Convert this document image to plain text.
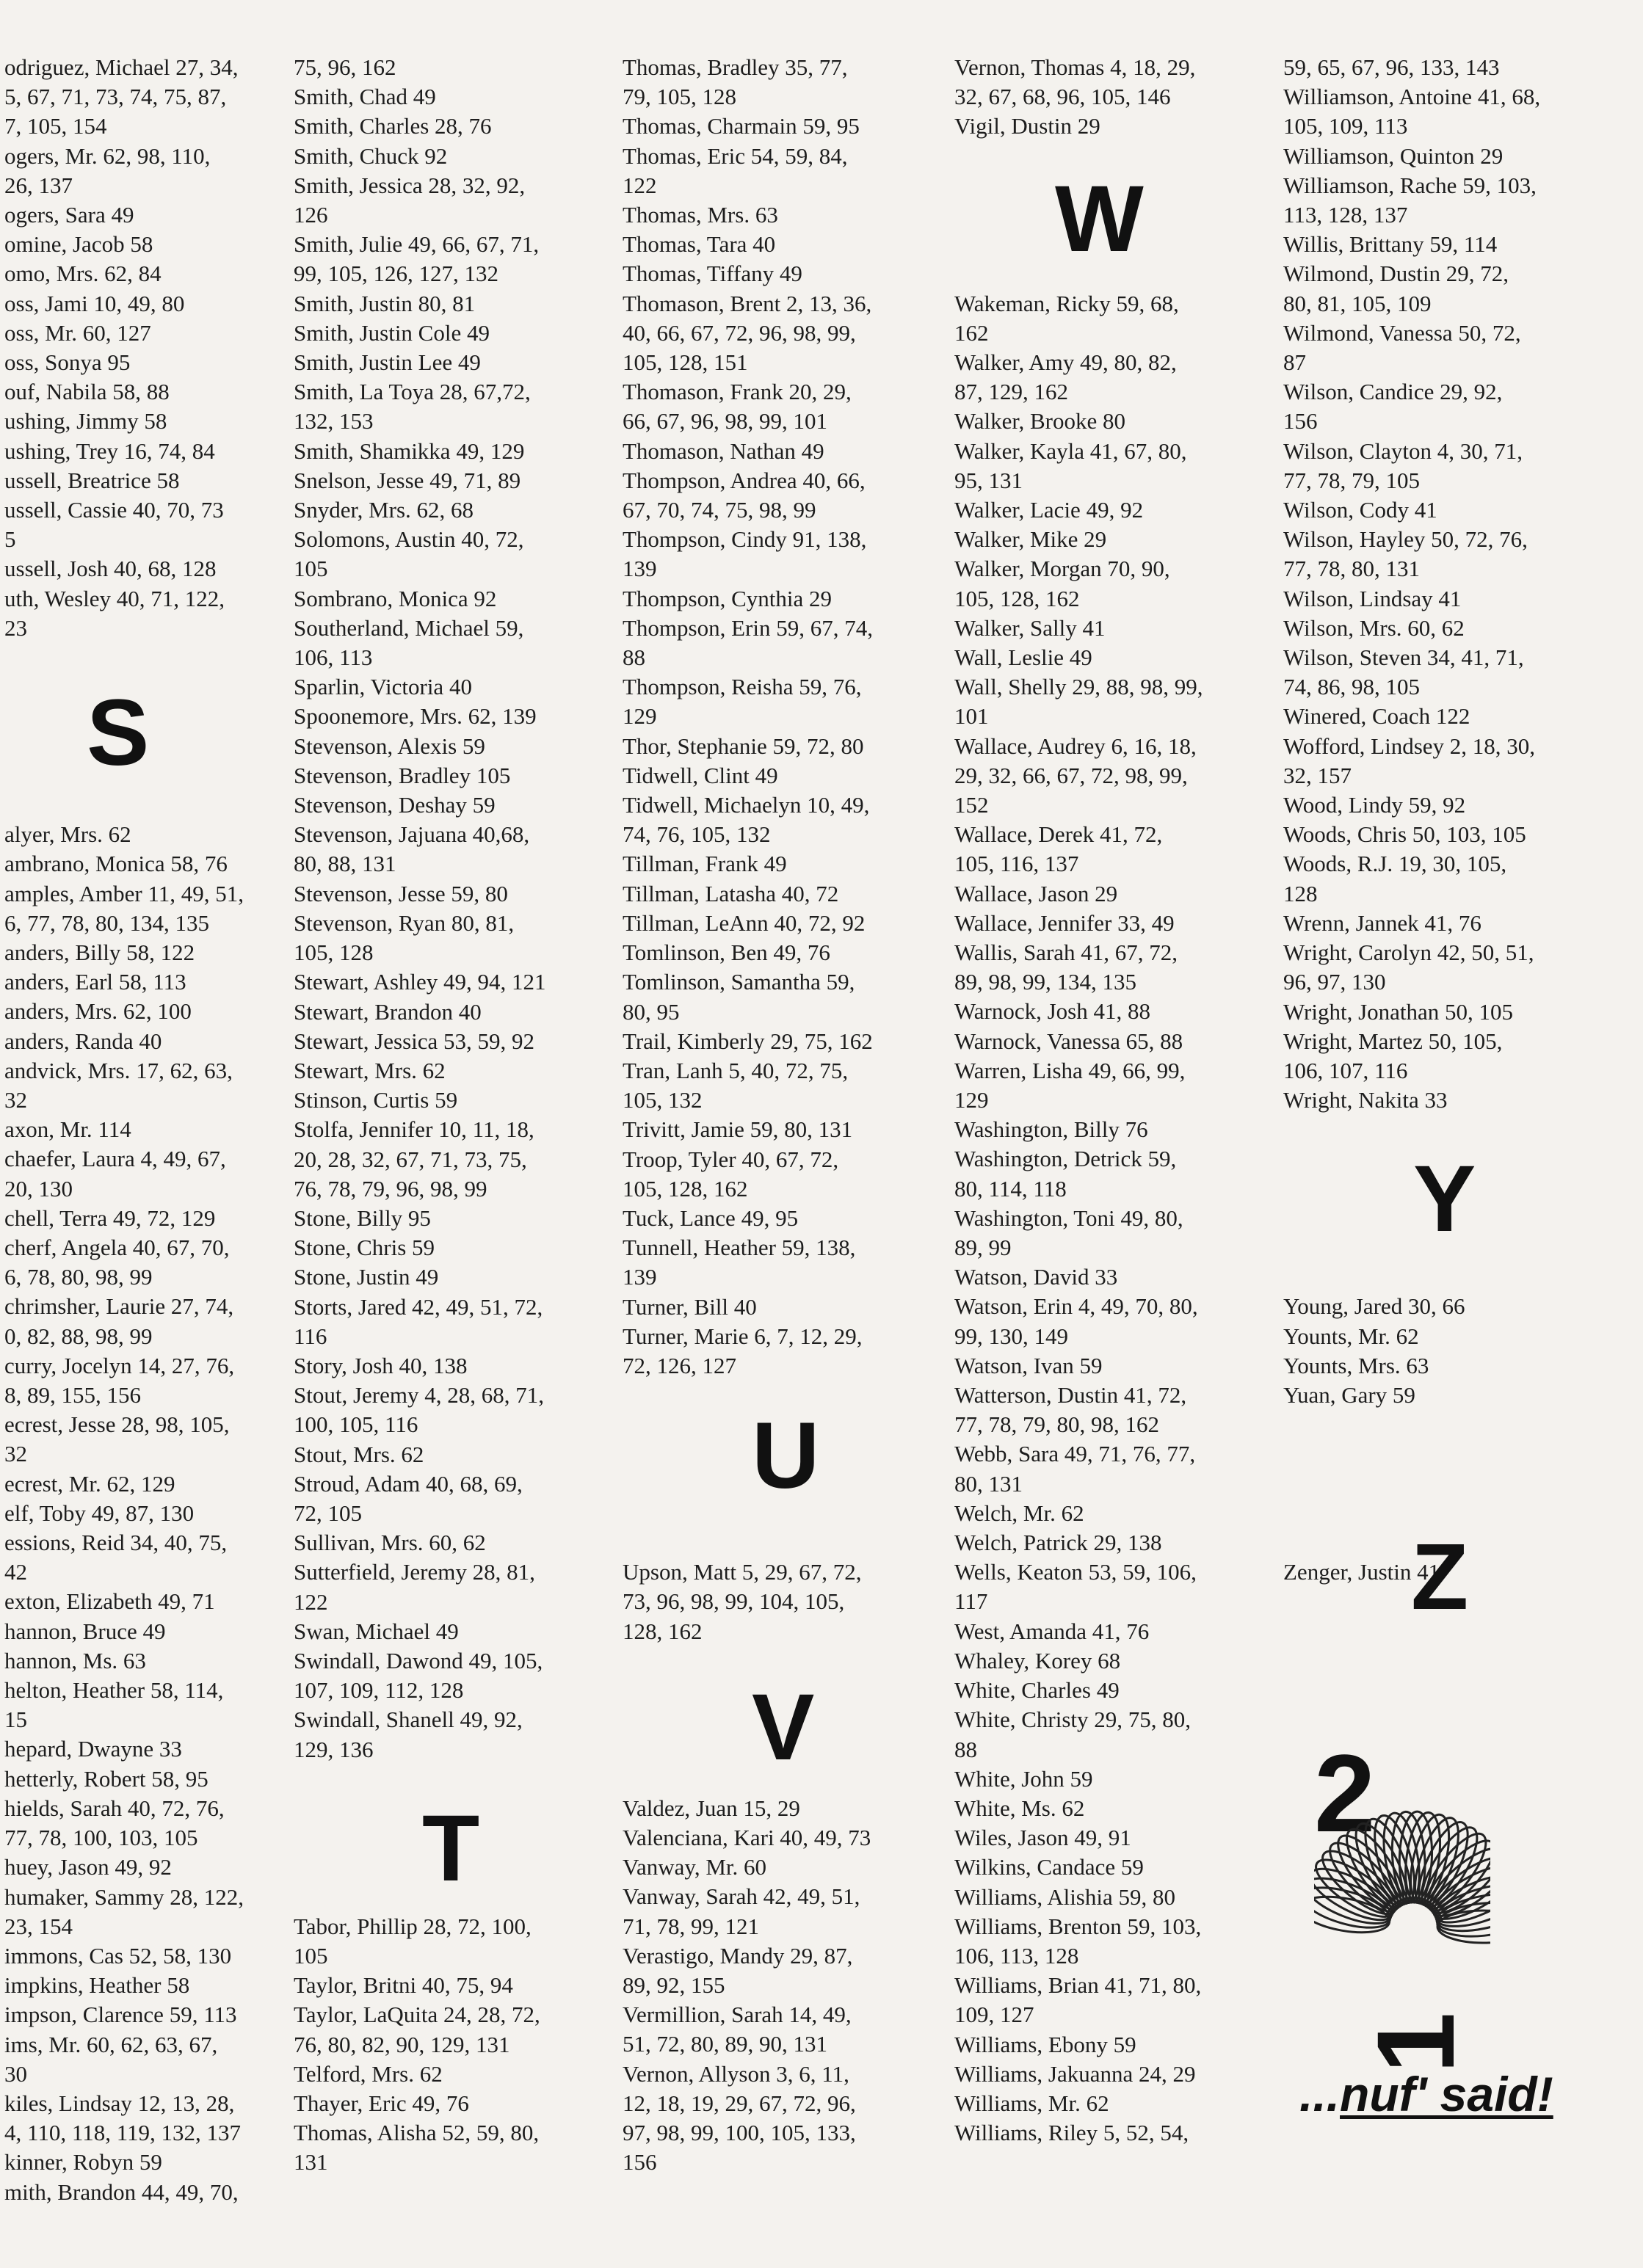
odriguez, Michael 27, 34,
5, 67, 71, 73, 74, 75, 87,
7, 105, 154
ogers, Mr. 62, 98, 110,
26, 137
ogers, Sara 49
omine, Jacob 58
omo, Mrs. 62, 84
oss, Jami 10, 49, 80
oss, Mr. 60, 127
oss, Sonya 95
ouf, Nabila 58, 88
ushing, Jimmy 58
ushing, Trey 16, 74, 84
ussell, Breatrice 58
ussell, Cassie 40, 70, 73
5
ussell, Josh 40, 68, 128
uth, Wesley 40, 71, 122,
23
alyer, Mrs. 62
ambrano, Monica 58, 76
amples, Amber 11, 49, 51,
6, 77, 78, 80, 134, 135
anders, Billy 58, 122
anders, Earl 58, 113
anders, Mrs. 62, 100
anders, Randa 40
andvick, Mrs. 17, 62, 63,
32
axon, Mr. 114
chaefer, Laura 4, 49, 67,
20, 130
chell, Terra 49, 72, 129
cherf, Angela 40, 67, 70,
6, 78, 80, 98, 99
chrimsher, Laurie 27, 74,
0, 82, 88, 98, 99
curry, Jocelyn 14, 27, 76,
8, 89, 155, 156
ecrest, Jesse 28, 98, 105,
32
ecrest, Mr. 62, 129
elf, Toby 49, 87, 130
essions, Reid 34, 40, 75,
42
exton, Elizabeth 49, 71
hannon, Bruce 49
hannon, Ms. 63
helton, Heather 58, 114,
15
hepard, Dwayne 33
hetterly, Robert 58, 95
hields, Sarah 40, 72, 76,
77, 78, 100, 103, 105
huey, Jason 49, 92
humaker, Sammy 28, 122,
23, 154
immons, Cas 52, 58, 130
impkins, Heather 58
impson, Clarence 59, 113
ims, Mr. 60, 62, 63, 67,
30
kiles, Lindsay 12, 13, 28,
4, 110, 118, 119, 132, 137
kinner, Robyn 59
mith, Brandon 44, 49, 70,
75, 96, 162
Smith, Chad 49
Smith, Charles 28, 76
Smith, Chuck 92
Smith, Jessica 28, 32, 92,
126
Smith, Julie 49, 66, 67, 71,
99, 105, 126, 127, 132
Smith, Justin 80, 81
Smith, Justin Cole 49
Smith, Justin Lee 49
Smith, La Toya 28, 67,72,
132, 153
Smith, Shamikka 49, 129
Snelson, Jesse 49, 71, 89
Snyder, Mrs. 62, 68
Solomons, Austin 40, 72,
105
Sombrano, Monica 92
Southerland, Michael 59,
106, 113
Sparlin, Victoria 40
Spoonemore, Mrs. 62, 139
Stevenson, Alexis 59
Stevenson, Bradley 105
Stevenson, Deshay 59
Stevenson, Jajuana 40,68,
80, 88, 131
Stevenson, Jesse 59, 80
Stevenson, Ryan 80, 81,
105, 128
Stewart, Ashley 49, 94, 121
Stewart, Brandon 40
Stewart, Jessica 53, 59, 92
Stewart, Mrs. 62
Stinson, Curtis 59
Stolfa, Jennifer 10, 11, 18,
20, 28, 32, 67, 71, 73, 75,
76, 78, 79, 96, 98, 99
Stone, Billy 95
Stone, Chris 59
Stone, Justin 49
Storts, Jared 42, 49, 51, 72,
116
Story, Josh 40, 138
Stout, Jeremy 4, 28, 68, 71,
100, 105, 116
Stout, Mrs. 62
Stroud, Adam 40, 68, 69,
72, 105
Sullivan, Mrs. 60, 62
Sutterfield, Jeremy 28, 81,
122
Swan, Michael 49
Swindall, Dawond 49, 105,
107, 109, 112, 128
Swindall, Shanell 49, 92,
129, 136
Tabor, Phillip 28, 72, 100,
105
Taylor, Britni 40, 75, 94
Taylor, LaQuita 24, 28, 72,
76, 80, 82, 90, 129, 131
Telford, Mrs. 62
Thayer, Eric 49, 76
Thomas, Alisha 52, 59, 80,
131
Thomas, Bradley 35, 77,
79, 105, 128
Thomas, Charmain 59, 95
Thomas, Eric 54, 59, 84,
122
Thomas, Mrs. 63
Thomas, Tara 40
Thomas, Tiffany 49
Thomason, Brent 2, 13, 36,
40, 66, 67, 72, 96, 98, 99,
105, 128, 151
Thomason, Frank 20, 29,
66, 67, 96, 98, 99, 101
Thomason, Nathan 49
Thompson, Andrea 40, 66,
67, 70, 74, 75, 98, 99
Thompson, Cindy 91, 138,
139
Thompson, Cynthia 29
Thompson, Erin 59, 67, 74,
88
Thompson, Reisha 59, 76,
129
Thor, Stephanie 59, 72, 80
Tidwell, Clint 49
Tidwell, Michaelyn 10, 49,
74, 76, 105, 132
Tillman, Frank 49
Tillman, Latasha 40, 72
Tillman, LeAnn 40, 72, 92
Tomlinson, Ben 49, 76
Tomlinson, Samantha 59,
80, 95
Trail, Kimberly 29, 75, 162
Tran, Lanh 5, 40, 72, 75,
105, 132
Trivitt, Jamie 59, 80, 131
Troop, Tyler 40, 67, 72,
105, 128, 162
Tuck, Lance 49, 95
Tunnell, Heather 59, 138,
139
Turner, Bill 40
Turner, Marie 6, 7, 12, 29,
72, 126, 127
Upson, Matt 5, 29, 67, 72,
73, 96, 98, 99, 104, 105,
128, 162
Valdez, Juan 15, 29
Valenciana, Kari 40, 49, 73
Vanway, Mr. 60
Vanway, Sarah 42, 49, 51,
71, 78, 99, 121
Verastigo, Mandy 29, 87,
89, 92, 155
Vermillion, Sarah 14, 49,
51, 72, 80, 89, 90, 131
Vernon, Allyson 3, 6, 11,
12, 18, 19, 29, 67, 72, 96,
97, 98, 99, 100, 105, 133,
156
Vernon, Thomas 4, 18, 29,
32, 67, 68, 96, 105, 146
Vigil, Dustin 29
Wakeman, Ricky 59, 68,
162
Walker, Amy 49, 80, 82,
87, 129, 162
Walker, Brooke 80
Walker, Kayla 41, 67, 80,
95, 131
Walker, Lacie 49, 92
Walker, Mike 29
Walker, Morgan 70, 90,
105, 128, 162
Walker, Sally 41
Wall, Leslie 49
Wall, Shelly 29, 88, 98, 99,
101
Wallace, Audrey 6, 16, 18,
29, 32, 66, 67, 72, 98, 99,
152
Wallace, Derek 41, 72,
105, 116, 137
Wallace, Jason 29
Wallace, Jennifer 33, 49
Wallis, Sarah 41, 67, 72,
89, 98, 99, 134, 135
Warnock, Josh 41, 88
Warnock, Vanessa 65, 88
Warren, Lisha 49, 66, 99,
129
Washington, Billy 76
Washington, Detrick 59,
80, 114, 118
Washington, Toni 49, 80,
89, 99
Watson, David 33
Watson, Erin 4, 49, 70, 80,
99, 130, 149
Watson, Ivan 59
Watterson, Dustin 41, 72,
77, 78, 79, 80, 98, 162
Webb, Sara 49, 71, 76, 77,
80, 131
Welch, Mr. 62
Welch, Patrick 29, 138
Wells, Keaton 53, 59, 106,
117
West, Amanda 41, 76
Whaley, Korey 68
White, Charles 49
White, Christy 29, 75, 80,
88
White, John 59
White, Ms. 62
Wiles, Jason 49, 91
Wilkins, Candace 59
Williams, Alishia 59, 80
Williams, Brenton 59, 103,
106, 113, 128
Williams, Brian 41, 71, 80,
109, 127
Williams, Ebony 59
Williams, Jakuanna 24, 29
Williams, Mr. 62
Williams, Riley 5, 52, 54,
59, 65, 67, 96, 133, 143
Williamson, Antoine 41, 68,
105, 109, 113
Williamson, Quinton 29
Williamson, Rache 59, 103,
113, 128, 137
Willis, Brittany 59, 114
Wilmond, Dustin 29, 72,
80, 81, 105, 109
Wilmond, Vanessa 50, 72,
87
Wilson, Candice 29, 92,
156
Wilson, Clayton 4, 30, 71,
77, 78, 79, 105
Wilson, Cody 41
Wilson, Hayley 50, 72, 76,
77, 78, 80, 131
Wilson, Lindsay 41
Wilson, Mrs. 60, 62
Wilson, Steven 34, 41, 71,
74, 86, 98, 105
Winered, Coach 122
Wofford, Lindsey 2, 18, 30,
32, 157
Wood, Lindy 59, 92
Woods, Chris 50, 103, 105
Woods, R.J. 19, 30, 105,
128
Wrenn, Jannek 41, 76
Wright, Carolyn 42, 50, 51,
96, 97, 130
Wright, Jonathan 50, 105
Wright, Martez 50, 105,
106, 107, 116
Wright, Nakita 33
Young, Jared 30, 66
Younts, Mr. 62
Younts, Mrs. 63
Yuan, Gary 59
Zenger, Justin 41
S
T
U
V
W
Y
Z
2
1
...nuf' said!
